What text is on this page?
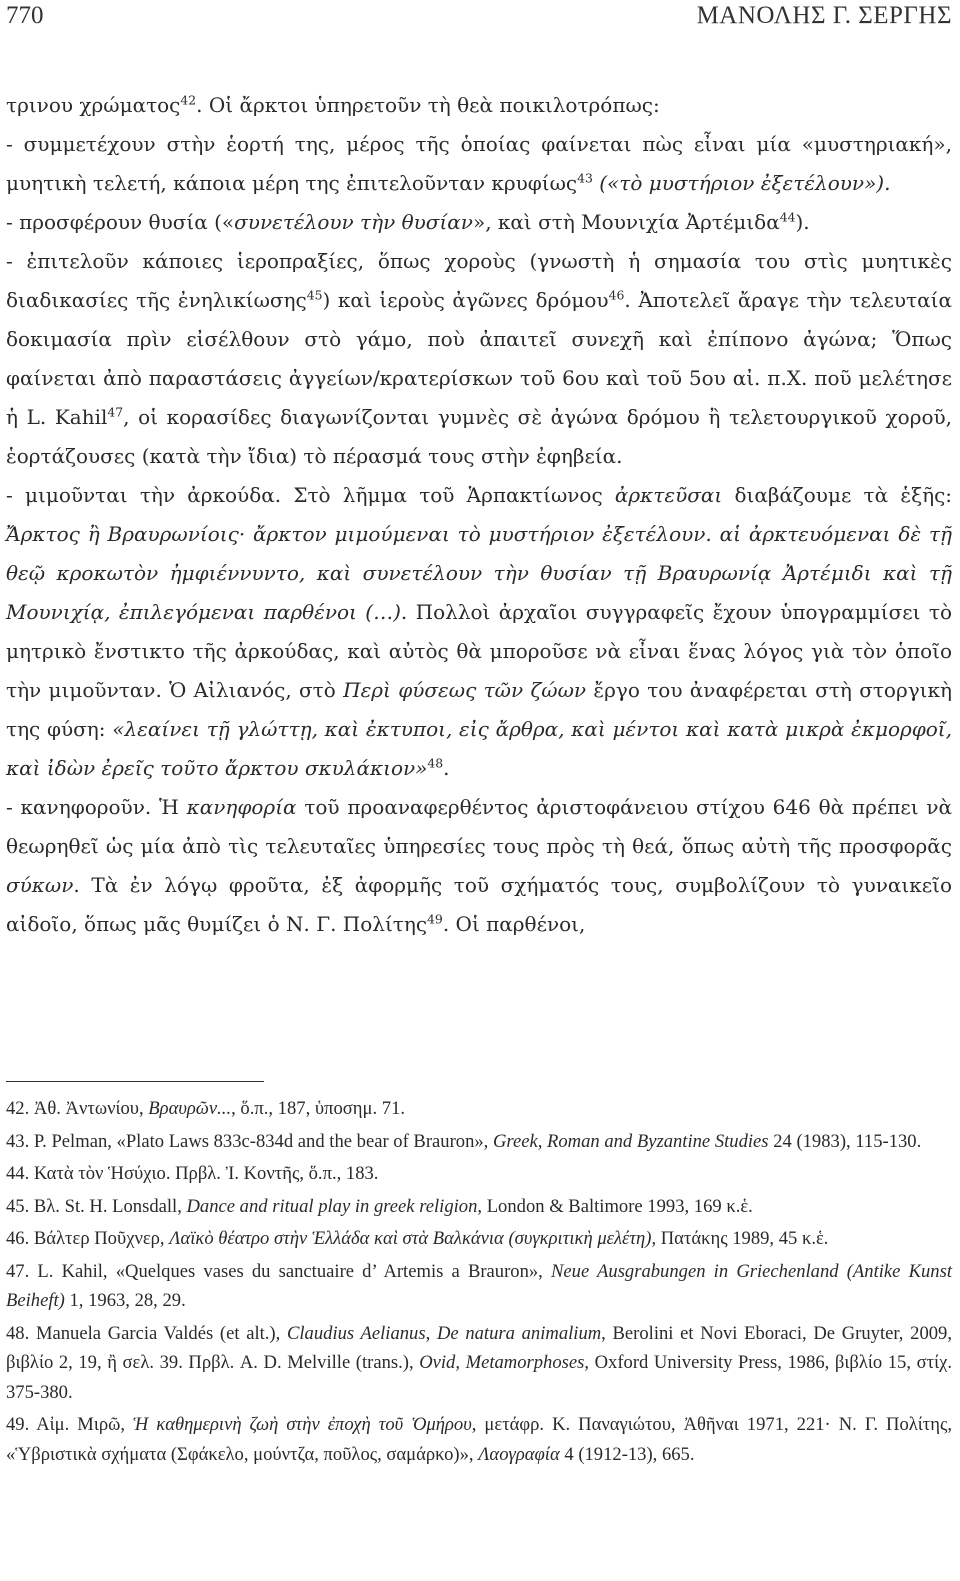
770	ΜΑΝΟΛΗΣ Γ. ΣΕΡΓΗΣ

τρινου χρώματος$^{42}$. Οἱ ἄρκτοι ὑπηρετοῦν τὴ θεὰ ποικιλοτρόπως:

- συμμετέχουν στὴν ἑορτή της, μέρος τῆς ὁποίας φαίνεται πὼς εἶναι μία «μυστηριακή», μυητικὴ τελετή, κάποια μέρη της ἐπιτελοῦνταν κρυφίως$^{43}$ («τὸ μυστήριον ἐξετέλουν»).

- προσφέρουν θυσία («συνετέλουν τὴν θυσίαν», καὶ στὴ Μουνιχία Ἀρτέμιδα$^{44}$).

- ἐπιτελοῦν κάποιες ἱεροπραξίες, ὅπως χοροὺς (γνωστὴ ἡ σημασία του στὶς μυητικὲς διαδικασίες τῆς ἐνηλικίωσης$^{45}$) καὶ ἱεροὺς ἀγῶνες δρόμου$^{46}$. Ἀποτελεῖ ἄραγε τὴν τελευταία δοκιμασία πρὶν εἰσέλθουν στὸ γάμο, ποὺ ἀπαιτεῖ συνεχῆ καὶ ἐπίπονο ἀγώνα; Ὅπως φαίνεται ἀπὸ παραστάσεις ἀγγείων/κρατερίσκων τοῦ 6ου καὶ τοῦ 5ου αἰ. π.Χ. ποῦ μελέτησε ἡ L. Kahil$^{47}$, οἱ κορασίδες διαγωνίζονται γυμνὲς σὲ ἀγώνα δρόμου ἢ τελετουργικοῦ χοροῦ, ἑορτάζουσες (κατὰ τὴν ἴδια) τὸ πέρασμά τους στὴν ἐφηβεία.

- μιμοῦνται τὴν ἀρκούδα. Στὸ λῆμμα τοῦ Ἁρπακτίωνος ἀρκτεῦσαι διαβάζουμε τὰ ἑξῆς: Ἄρκτος ἢ Βραυρωνίοις· ἄρκτον μιμούμεναι τὸ μυστήριον ἐξετέλουν. αἱ ἀρκτευόμεναι δὲ τῇ θεῷ κροκωτὸν ἠμφιέννυντο, καὶ συνετέλουν τὴν θυσίαν τῇ Βραυρωνίᾳ Ἀρτέμιδι καὶ τῇ Μουνιχίᾳ, ἐπιλεγόμεναι παρθένοι (…). Πολλοὶ ἀρχαῖοι συγγραφεῖς ἔχουν ὑπογραμμίσει τὸ μητρικὸ ἔνστικτο τῆς ἀρκούδας, καὶ αὐτὸς θὰ μποροῦσε νὰ εἶναι ἕνας λόγος γιὰ τὸν ὁποῖο τὴν μιμοῦνταν. Ὁ Αἰλιανός, στὸ Περὶ φύσεως τῶν ζώων ἔργο του ἀναφέρεται στὴ στοργικὴ της φύση: «λεαίνει τῇ γλώττῃ, καὶ ἐκτυποι, εἰς ἄρθρα, καὶ μέντοι καὶ κατὰ μικρὰ ἐκμορφοῖ, καὶ ἰδὼν ἐρεῖς τοῦτο ἄρκτου σκυλάκιον»$^{48}$.

- κανηφοροῦν. Ἡ κανηφορία τοῦ προαναφερθέντος ἀριστοφάνειου στίχου 646 θὰ πρέπει νὰ θεωρηθεῖ ὡς μία ἀπὸ τὶς τελευταῖες ὑπηρεσίες τους πρὸς τὴ θεά, ὅπως αὐτὴ τῆς προσφορᾶς σύκων. Τὰ ἐν λόγῳ φροῦτα, ἐξ ἀφορμῆς τοῦ σχήματός τους, συμβολίζουν τὸ γυναικεῖο αἰδοῖο, ὅπως μᾶς θυμίζει ὁ Ν. Γ. Πολίτης$^{49}$. Οἱ παρθένοι,

42. Ἀθ. Ἀντωνίου, Βραυρῶν..., ὅ.π., 187, ὑποσημ. 71.

43. P. Pelman, «Plato Laws 833c-834d and the bear of Brauron», Greek, Roman and Byzantine Studies 24 (1983), 115-130.

44. Κατὰ τὸν Ἡσύχιο. Πρβλ. Ἰ. Κοντῆς, ὅ.π., 183.

45. Βλ. St. H. Lonsdall, Dance and ritual play in greek religion, London & Baltimore 1993, 169 κ.ἑ.

46. Βάλτερ Ποῦχνερ, Λαϊκὸ θέατρο στὴν Ἑλλάδα καὶ στὰ Βαλκάνια (συγκριτικὴ μελέτη), Πατάκης 1989, 45 κ.ἑ.

47. L. Kahil, «Quelques vases du sanctuaire d’ Artemis a Brauron», Neue Ausgrabungen in Griechenland (Antike Kunst Beiheft) 1, 1963, 28, 29.

48. Manuela Garcia Valdés (et alt.), Claudius Aelianus, De natura animalium, Berolini et Novi Eboraci, De Gruyter, 2009, βιβλίο 2, 19, ἢ σελ. 39. Πρβλ. A. D. Melville (trans.), Ovid, Metamorphoses, Oxford University Press, 1986, βιβλίο 15, στίχ. 375-380.

49. Αἰμ. Μιρῶ, Ἡ καθημερινὴ ζωὴ στὴν ἐποχὴ τοῦ Ὁμήρου, μετάφρ. Κ. Παναγιώτου, Ἀθῆναι 1971, 221· Ν. Γ. Πολίτης, «Ὑβριστικὰ σχήματα (Σφάκελο, μούντζα, ποῦλος, σαμάρκο)», Λαογραφία 4 (1912-13), 665.
